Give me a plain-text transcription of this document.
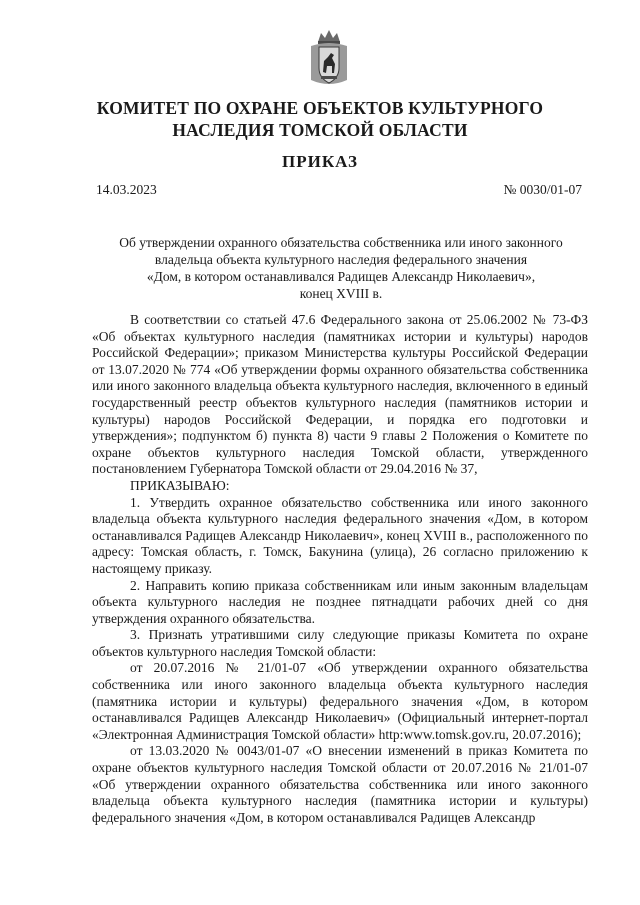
КОМИТЕТ ПО ОХРАНЕ ОБЪЕКТОВ КУЛЬТУРНОГО
НАСЛЕДИЯ ТОМСКОЙ ОБЛАСТИ
ПРИКАЗ
14.03.2023	№ 0030/01-07
Об утверждении охранного обязательства собственника или иного законного
владельца объекта культурного наследия федерального значения
«Дом, в котором останавливался Радищев Александр Николаевич»,
конец XVIII в.

В соответствии со статьей 47.6 Федерального закона от 25.06.2002 № 73-ФЗ «Об объектах культурного наследия (памятниках истории и культуры) народов Российской Федерации»; приказом Министерства культуры Российской Федерации от 13.07.2020 № 774 «Об утверждении формы охранного обязательства собственника или иного законного владельца объекта культурного наследия, включенного в единый государственный реестр объектов культурного наследия (памятников истории и культуры) народов Российской Федерации, и порядка его подготовки и утверждения»; подпунктом б) пункта 8) части 9 главы 2 Положения о Комитете по охране объектов культурного наследия Томской области, утвержденного постановлением Губернатора Томской области от 29.04.2016 № 37,

ПРИКАЗЫВАЮ:

1. Утвердить охранное обязательство собственника или иного законного владельца объекта культурного наследия федерального значения «Дом, в котором останавливался Радищев Александр Николаевич», конец XVIII в., расположенного по адресу: Томская область, г. Томск, Бакунина (улица), 26 согласно приложению к настоящему приказу.

2. Направить копию приказа собственникам или иным законным владельцам объекта культурного наследия не позднее пятнадцати рабочих дней со дня утверждения охранного обязательства.

3. Признать утратившими силу следующие приказы Комитета по охране объектов культурного наследия Томской области:

от 20.07.2016 № 21/01-07 «Об утверждении охранного обязательства собственника или иного законного владельца объекта культурного наследия (памятника истории и культуры) федерального значения «Дом, в котором останавливался Радищев Александр Николаевич» (Официальный интернет-портал «Электронная Администрация Томской области» http:www.tomsk.gov.ru, 20.07.2016);

от 13.03.2020 № 0043/01-07 «О внесении изменений в приказ Комитета по охране объектов культурного наследия Томской области от 20.07.2016 № 21/01-07 «Об утверждении охранного обязательства собственника или иного законного владельца объекта культурного наследия (памятника истории и культуры) федерального значения «Дом, в котором останавливался Радищев Александр
